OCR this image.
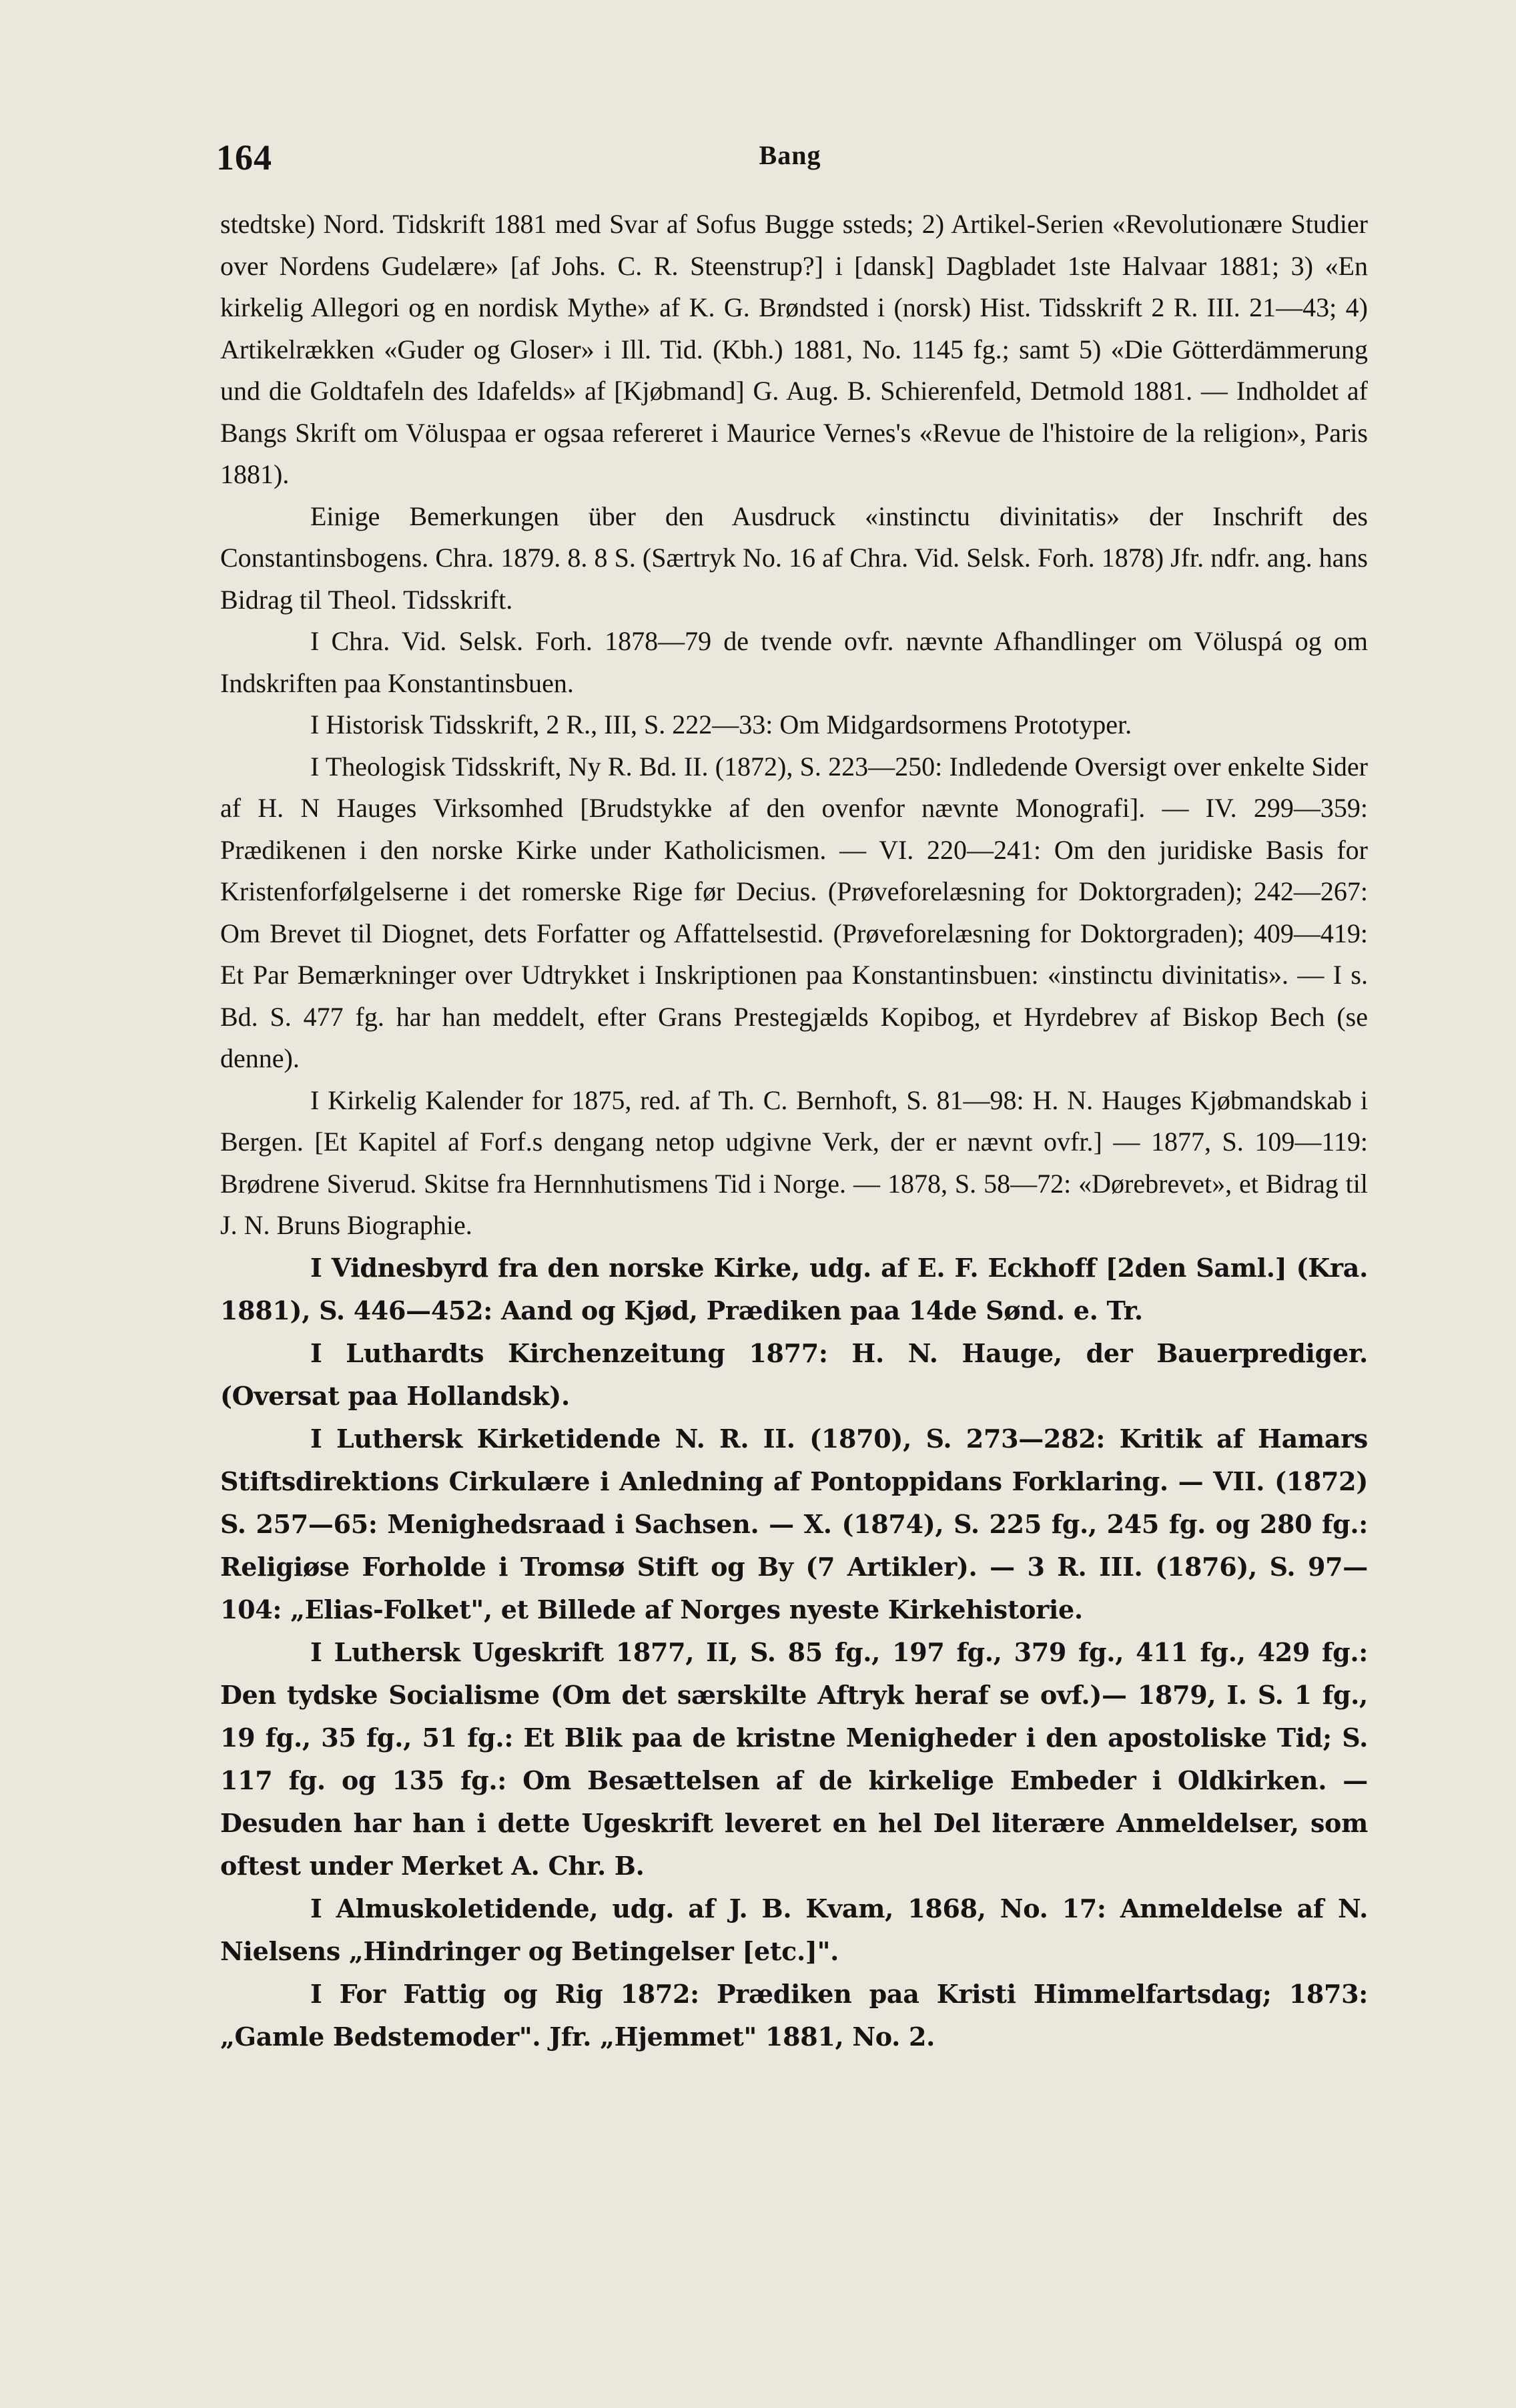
164	Bang

stedtske) Nord. Tidskrift 1881 med Svar af Sofus Bugge ssteds; 2) Artikel-Serien «Revolutionære Studier over Nordens Gudelære» [af Johs. C. R. Steenstrup?] i [dansk] Dagbladet 1ste Halvaar 1881; 3) «En kirkelig Allegori og en nordisk Mythe» af K. G. Brøndsted i (norsk) Hist. Tidsskrift 2 R. III. 21—43; 4) Artikelrækken «Guder og Gloser» i Ill. Tid. (Kbh.) 1881, No. 1145 fg.; samt 5) «Die Götterdämmerung und die Goldtafeln des Idafelds» af [Kjøbmand] G. Aug. B. Schierenfeld, Detmold 1881. — Indholdet af Bangs Skrift om Völuspaa er ogsaa refereret i Maurice Vernes's «Revue de l'histoire de la religion», Paris 1881).

Einige Bemerkungen über den Ausdruck «instinctu divinitatis» der Inschrift des Constantinsbogens. Chra. 1879. 8. 8 S. (Særtryk No. 16 af Chra. Vid. Selsk. Forh. 1878) Jfr. ndfr. ang. hans Bidrag til Theol. Tidsskrift.

I Chra. Vid. Selsk. Forh. 1878—79 de tvende ovfr. nævnte Afhandlinger om Völuspá og om Indskriften paa Konstantinsbuen.

I Historisk Tidsskrift, 2 R., III, S. 222—33: Om Midgardsormens Prototyper.

I Theologisk Tidsskrift, Ny R. Bd. II. (1872), S. 223—250: Indledende Oversigt over enkelte Sider af H. N Hauges Virksomhed [Brudstykke af den ovenfor nævnte Monografi]. — IV. 299—359: Prædikenen i den norske Kirke under Katholicismen. — VI. 220—241: Om den juridiske Basis for Kristenforfølgelserne i det romerske Rige før Decius. (Prøveforelæsning for Doktorgraden); 242—267: Om Brevet til Diognet, dets Forfatter og Affattelsestid. (Prøveforelæsning for Doktorgraden); 409—419: Et Par Bemærkninger over Udtrykket i Inskriptionen paa Konstantinsbuen: «instinctu divinitatis». — I s. Bd. S. 477 fg. har han meddelt, efter Grans Prestegjælds Kopibog, et Hyrdebrev af Biskop Bech (se denne).

I Kirkelig Kalender for 1875, red. af Th. C. Bernhoft, S. 81—98: H. N. Hauges Kjøbmandskab i Bergen. [Et Kapitel af Forf.s dengang netop udgivne Verk, der er nævnt ovfr.] — 1877, S. 109—119: Brødrene Siverud. Skitse fra Hernnhutismens Tid i Norge. — 1878, S. 58—72: «Dørebrevet», et Bidrag til J. N. Bruns Biographie.

I Vidnesbyrd fra den norske Kirke, udg. af E. F. Eckhoff [2den Saml.] (Kra. 1881), S. 446—452: Aand og Kjød, Prædiken paa 14de Sønd. e. Tr.

I Luthardts Kirchenzeitung 1877: H. N. Hauge, der Bauerprediger. (Oversat paa Hollandsk).

I Luthersk Kirketidende N. R. II. (1870), S. 273—282: Kritik af Hamars Stiftsdirektions Cirkulære i Anledning af Pontoppidans Forklaring. — VII. (1872) S. 257—65: Menighedsraad i Sachsen. — X. (1874), S. 225 fg., 245 fg. og 280 fg.: Religiøse Forholde i Tromsø Stift og By (7 Artikler). — 3 R. III. (1876), S. 97—104: „Elias-Folket", et Billede af Norges nyeste Kirkehistorie.

I Luthersk Ugeskrift 1877, II, S. 85 fg., 197 fg., 379 fg., 411 fg., 429 fg.: Den tydske Socialisme (Om det særskilte Aftryk heraf se ovf.)— 1879, I. S. 1 fg., 19 fg., 35 fg., 51 fg.: Et Blik paa de kristne Menigheder i den apostoliske Tid; S. 117 fg. og 135 fg.: Om Besættelsen af de kirkelige Embeder i Oldkirken. — Desuden har han i dette Ugeskrift leveret en hel Del literære Anmeldelser, som oftest under Merket A. Chr. B.

I Almuskoletidende, udg. af J. B. Kvam, 1868, No. 17: Anmeldelse af N. Nielsens „Hindringer og Betingelser [etc.]".

I For Fattig og Rig 1872: Prædiken paa Kristi Himmelfartsdag; 1873: „Gamle Bedstemoder". Jfr. „Hjemmet" 1881, No. 2.
